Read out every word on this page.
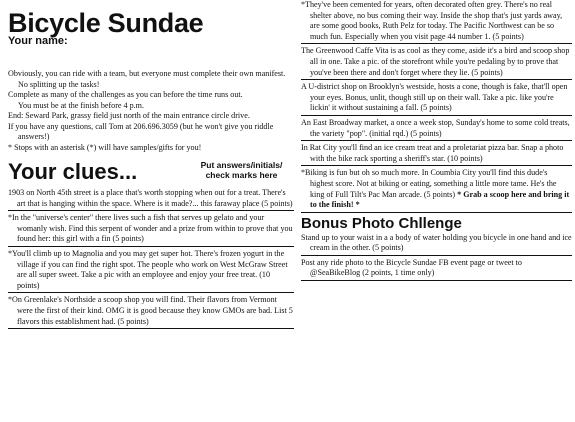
Bicycle Sundae
Your name:
Obviously, you can ride with a team, but everyone must complete their own manifest. No splitting up the tasks!
Complete as many of the challenges as you can before the time runs out.
You must be at the finish before 4 p.m.
End: Seward Park, grassy field just north of the main entrance circle drive.
If you have any questions, call Tom at 206.696.3059 (but he won't give you riddle answers!)
* Stops with an asterisk (*) will have samples/gifts for you!
Your clues...	Put answers/initials/
check marks here
1903 on North 45th street is a place that's worth stopping when out for a treat. There's art that is hanging within the space. Where is it made?... this faraway place (5 points)
*In the "universe's center" there lives such a fish that serves up gelato and your womanly wish. Find this serpent of wonder and a prize from within to prove that you found her: this girl with a fin (5 points)
*You'll climb up to Magnolia and you may get super hot. There's frozen yogurt in the village if you can find the right spot. The people who work on West McGraw Street are all super sweet. Take a pic with an employee and enjoy your free treat. (10 points)
*On Greenlake's Northside a scoop shop you will find. Their flavors from Vermont were the first of their kind. OMG it is good because they know GMOs are bad. List 5 flavors this establishment had. (5 points)
*They've been cemented for years, often decorated often grey. There's no real shelter above, no bus coming their way. Inside the shop that's just yards away, are some good books, Ruth Pelz for today. The Pacific Northwest can be so much fun. Especially when you visit page 44 number 1. (5 points)
The Greenwood Caffe Vita is as cool as they come, aside it's a bird and scoop shop all in one. Take a pic. of the storefront while you're pedaling by to prove that you've been there and don't forget where they lie. (5 points)
A U-district shop on Brooklyn's westside, hosts a cone, though is fake, that'll open your eyes. Bonus, unlit, though still up on their wall. Take a pic. like you're lickin' it without sustaining a fall. (5 points)
An East Broadway market, a once a week stop, Sunday's home to some cold treats, the variety "pop". (initial rqd.) (5 points)
In Rat City you'll find an ice cream treat and a proletariat pizza bar. Snap a photo with the bike rack sporting a sheriff's star. (10 points)
*Biking is fun but oh so much more. In Coumbia City you'll find this dude's highest score. Not at biking or eating, something a little more tame. He's the king of Full Tilt's Pac Man arcade. (5 points) * Grab a scoop here and bring it to the finish! *
Bonus Photo Chllenge
Stand up to your waist in a a body of water holding you bicycle in one hand and ice cream in the other. (5 points)
Post any ride photo to the Bicycle Sundae FB event page or tweet to @SeaBikeBlog (2 points, 1 time only)
